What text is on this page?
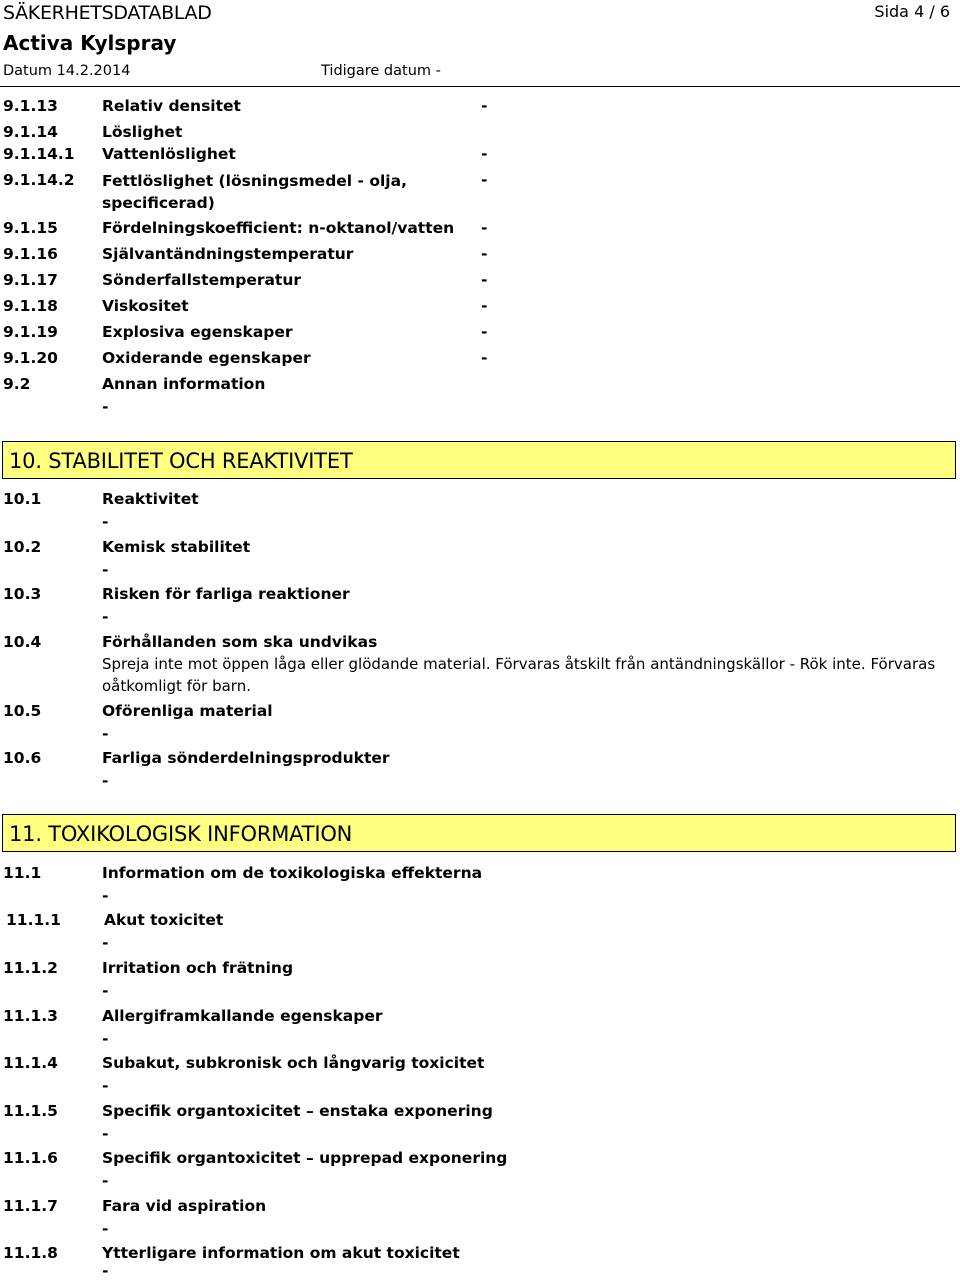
SÄKERHETSDATABLAD	Sida 4 / 6
Activa Kylspray
Datum 14.2.2014	Tidigare datum -
9.1.13	Relativ densitet	-
9.1.14	Löslighet
9.1.14.1 Vattenlöslighet	-
9.1.14.2 Fettlöslighet (lösningsmedel - olja, specificerad)
-
9.1.15	Fördelningskoefficient: n-oktanol/vatten -
9.1.16	Självantändningstemperatur	-
9.1.17	Sönderfallstemperatur	-
9.1.18	Viskositet	-
9.1.19	Explosiva egenskaper	-
9.1.20	Oxiderande egenskaper	-
9.2	Annan information
-
10. STABILITET OCH REAKTIVITET
10.1	Reaktivitet
-
10.2	Kemisk stabilitet
-
10.3	Risken för farliga reaktioner
-
10.4	Förhållanden som ska undvikas
Spreja inte mot öppen låga eller glödande material. Förvaras åtskilt från antändningskällor - Rök inte. Förvaras oåtkomligt för barn.
10.5	Oförenliga material
-
10.6	Farliga sönderdelningsprodukter
-
11. TOXIKOLOGISK INFORMATION
11.1	Information om de toxikologiska effekterna
-
11.1.1	Akut toxicitet
-
11.1.2	Irritation och frätning
-
11.1.3	Allergiframkallande egenskaper
-
11.1.4	Subakut, subkronisk och långvarig toxicitet
-
11.1.5	Specifik organtoxicitet – enstaka exponering
-
11.1.6	Specifik organtoxicitet – upprepad exponering
-
11.1.7	Fara vid aspiration
-
11.1.8	Ytterligare information om akut toxicitet
-
